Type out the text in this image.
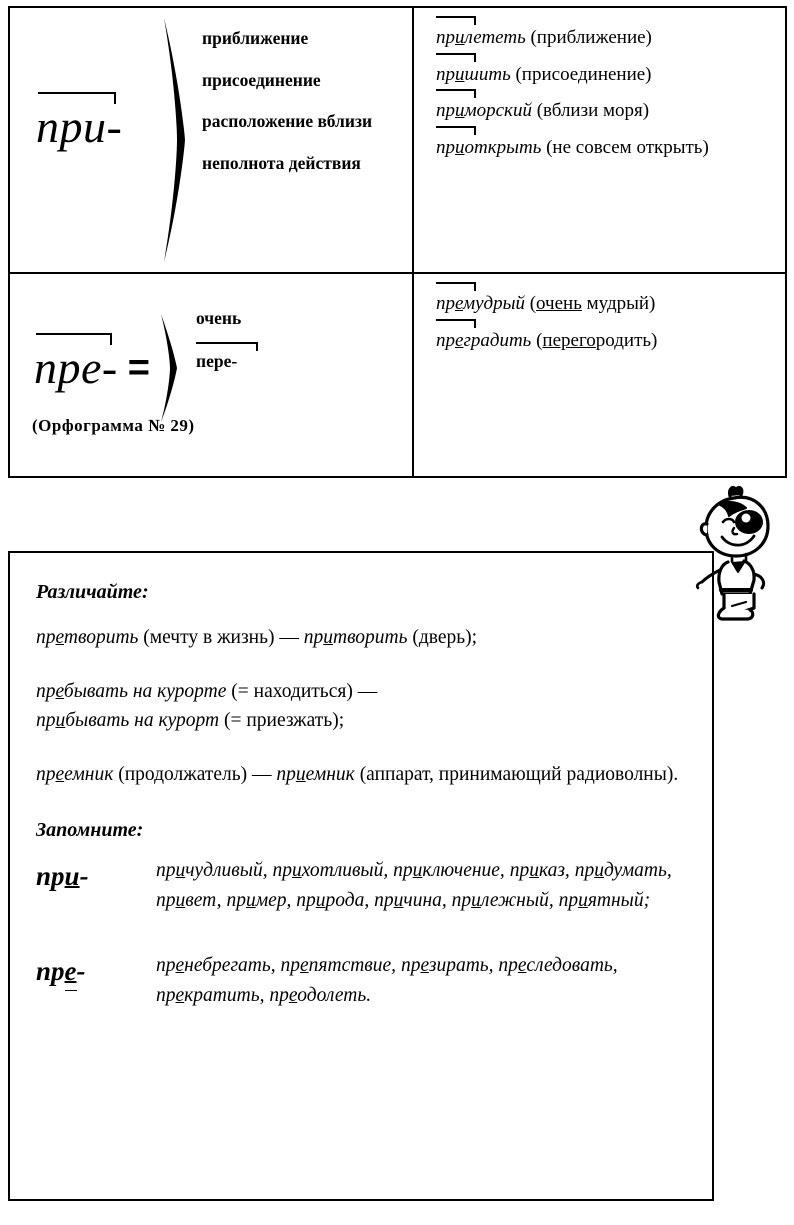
при-
приближение
присоединение
расположение вблизи
неполнота действия
прилететь (приближение)
пришить (присоединение)
приморский (вблизи моря)
приоткрыть (не совсем открыть)
пре- =
очень
пере-
(Орфограмма № 29)
премудрый (очень мудрый)
преградить (перегородить)
Различайте:
претворить (мечту в жизнь) — притворить (дверь);
пребывать на курорте (= находиться) —
прибывать на курорт (= приезжать);
преемник (продолжатель) — приемник (аппарат, принимающий радиоволны).
Запомните:
при-	причудливый, прихотливый, приключение, приказ, придумать, привет, пример, природа, причина, прилежный, приятный;
пре-	пренебрегать, препятствие, презирать, преследовать, прекратить, преодолеть.
